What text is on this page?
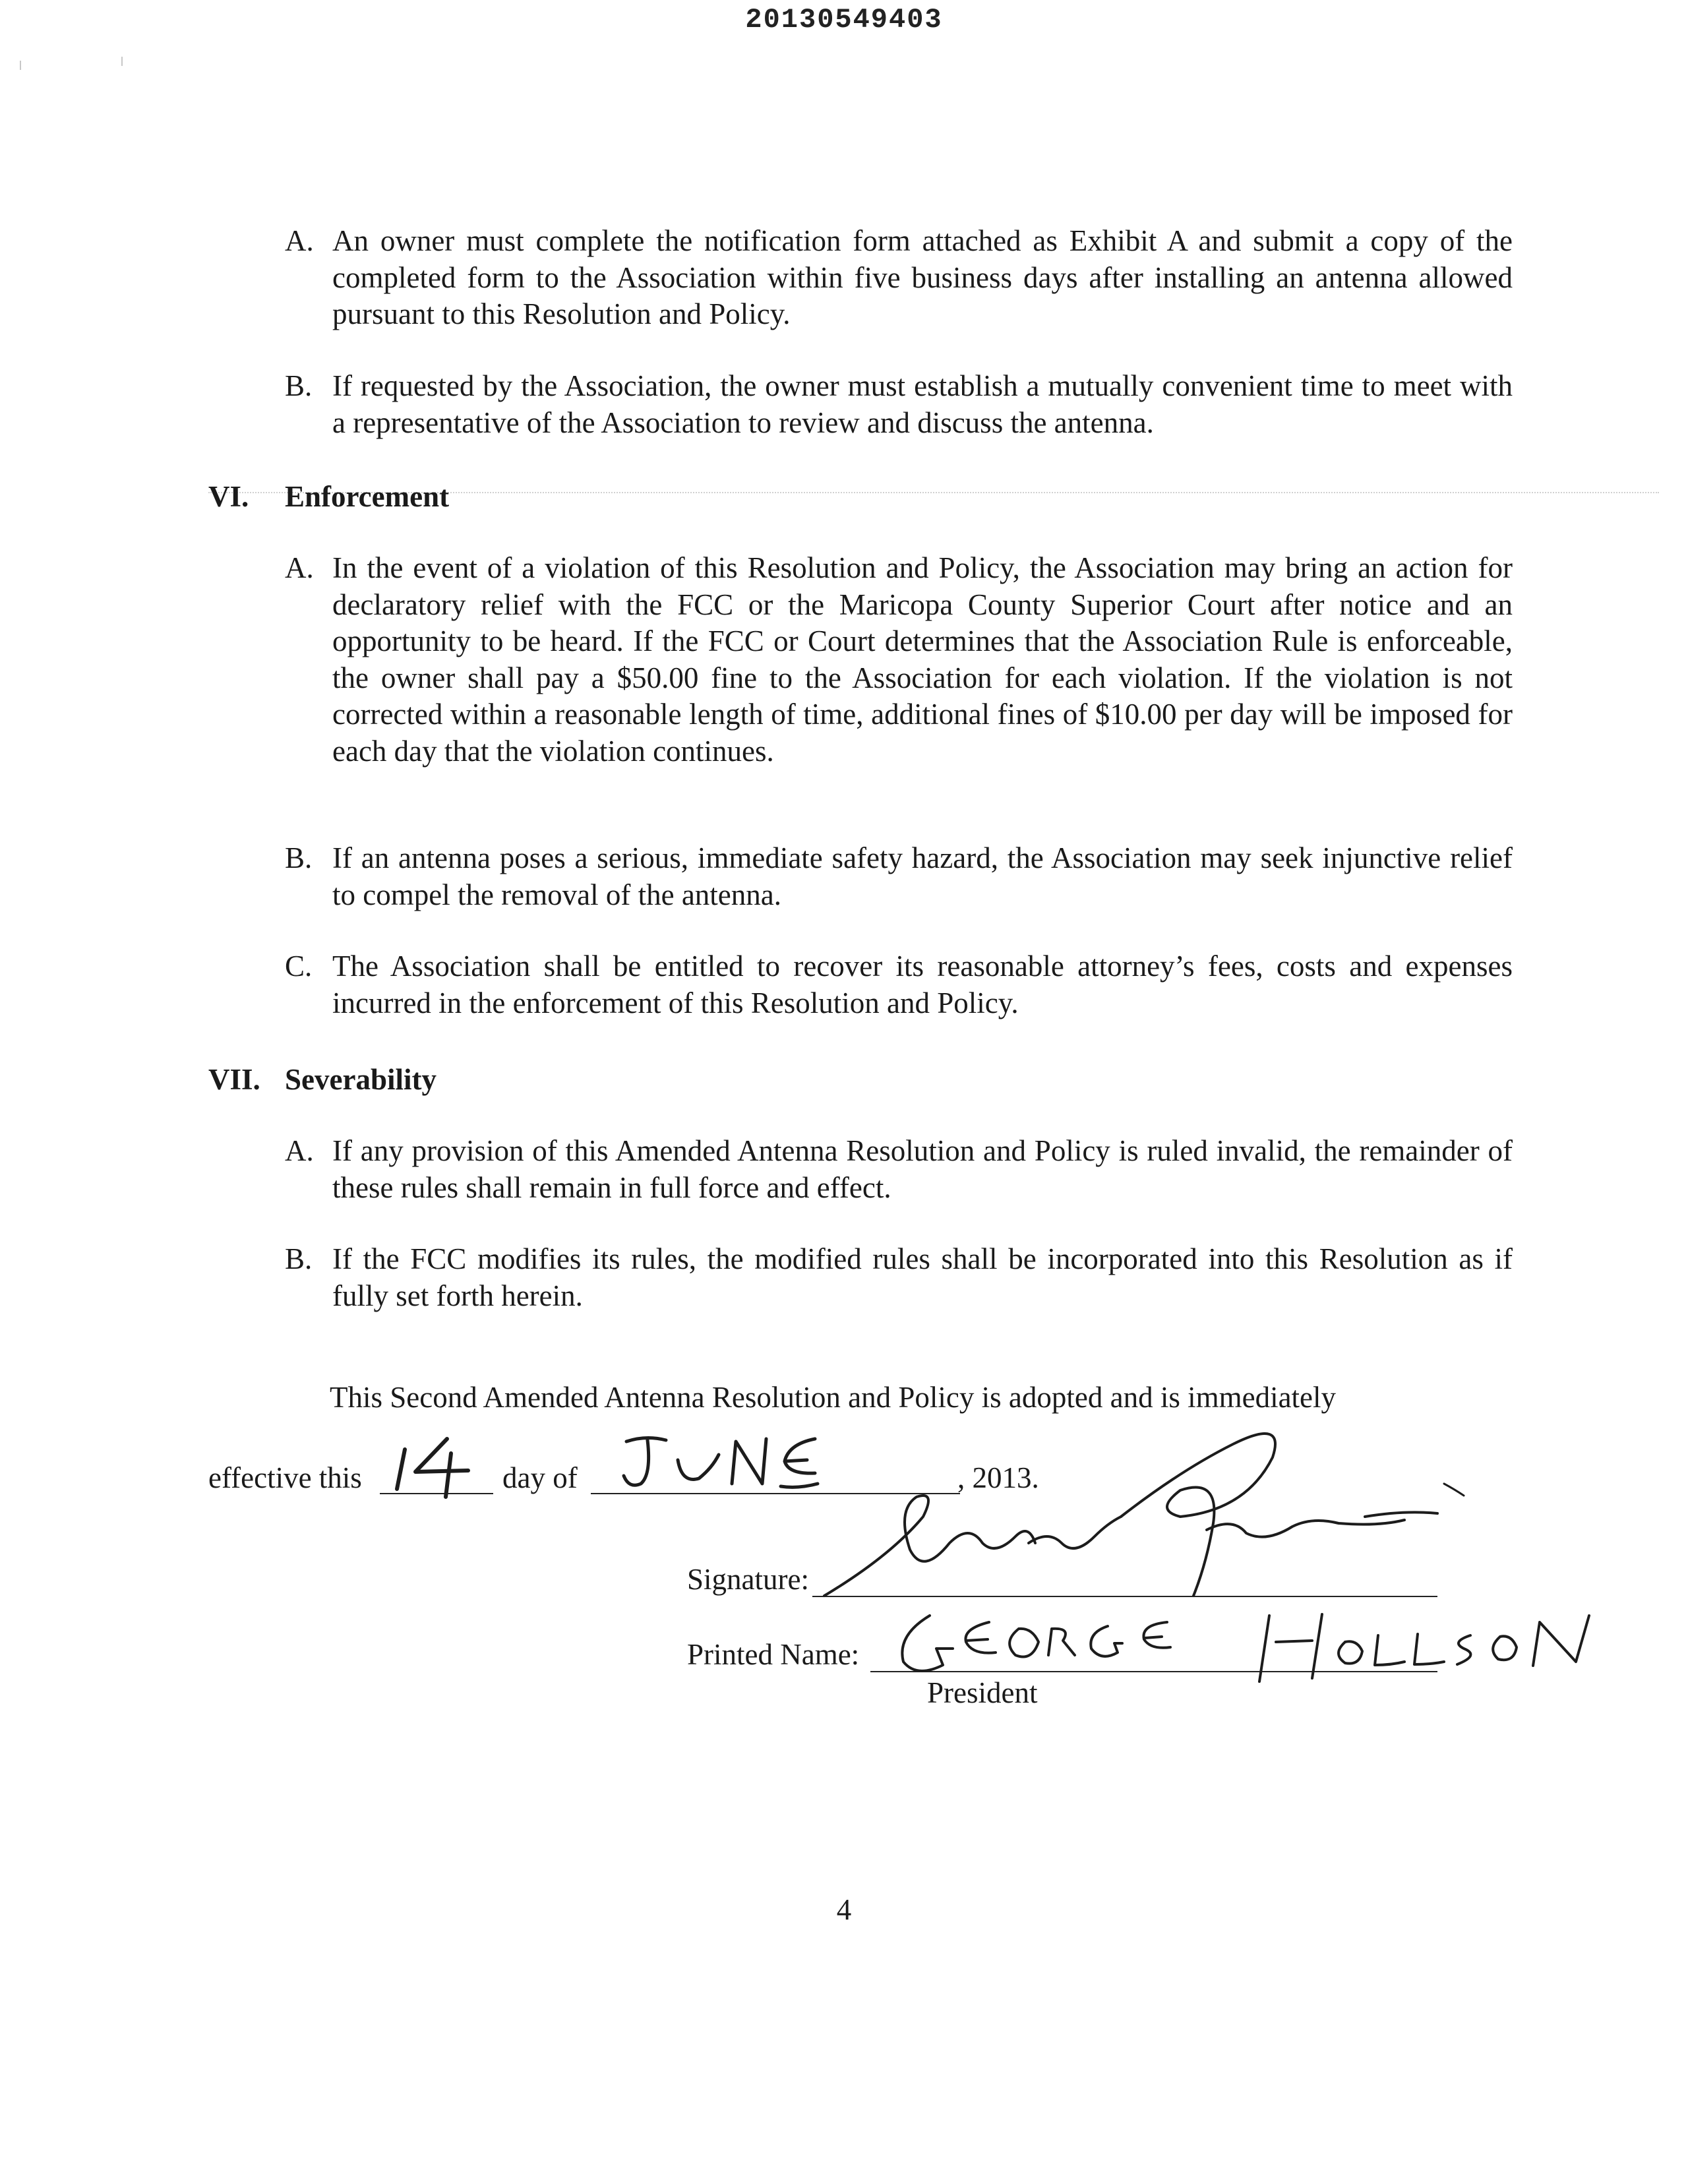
20130549403
A. An owner must complete the notification form attached as Exhibit A and submit a copy of the completed form to the Association within five business days after installing an antenna allowed pursuant to this Resolution and Policy.
B. If requested by the Association, the owner must establish a mutually convenient time to meet with a representative of the Association to review and discuss the antenna.
VI. Enforcement
A. In the event of a violation of this Resolution and Policy, the Association may bring an action for declaratory relief with the FCC or the Maricopa County Superior Court after notice and an opportunity to be heard. If the FCC or Court determines that the Association Rule is enforceable, the owner shall pay a $50.00 fine to the Association for each violation. If the violation is not corrected within a reasonable length of time, additional fines of $10.00 per day will be imposed for each day that the violation continues.
B. If an antenna poses a serious, immediate safety hazard, the Association may seek injunctive relief to compel the removal of the antenna.
C. The Association shall be entitled to recover its reasonable attorney’s fees, costs and expenses incurred in the enforcement of this Resolution and Policy.
VII. Severability
A. If any provision of this Amended Antenna Resolution and Policy is ruled invalid, the remainder of these rules shall remain in full force and effect.
B. If the FCC modifies its rules, the modified rules shall be incorporated into this Resolution as if fully set forth herein.
This Second Amended Antenna Resolution and Policy is adopted and is immediately
effective this	day of	, 2013.
Signature:
Printed Name:
President
4
